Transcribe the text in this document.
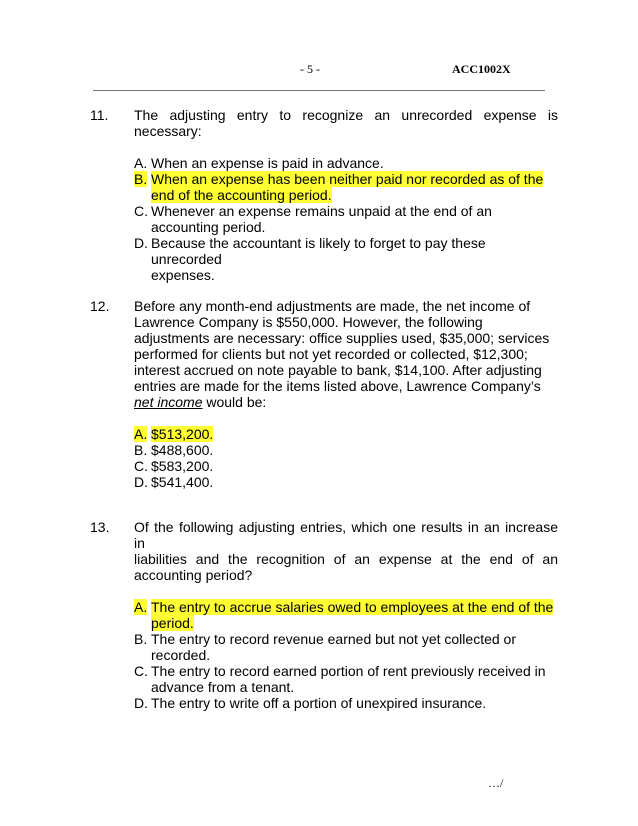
- 5 -	ACC1002X
11.	The adjusting entry to recognize an unrecorded expense is
necessary:
A. When an expense is paid in advance.
B. When an expense has been neither paid nor recorded as of the
end of the accounting period.
C. Whenever an expense remains unpaid at the end of an
accounting period.
D. Because the accountant is likely to forget to pay these unrecorded
expenses.
12.	Before any month-end adjustments are made, the net income of
Lawrence Company is $550,000. However, the following
adjustments are necessary: office supplies used, $35,000; services
performed for clients but not yet recorded or collected, $12,300;
interest accrued on note payable to bank, $14,100. After adjusting
entries are made for the items listed above, Lawrence Company’s
net income would be:
A. $513,200.
B. $488,600.
C. $583,200.
D. $541,400.
13.	Of the following adjusting entries, which one results in an increase in
liabilities and the recognition of an expense at the end of an
accounting period?
A. The entry to accrue salaries owed to employees at the end of the
period.
B. The entry to record revenue earned but not yet collected or
recorded.
C. The entry to record earned portion of rent previously received in
advance from a tenant.
D. The entry to write off a portion of unexpired insurance.
…/
